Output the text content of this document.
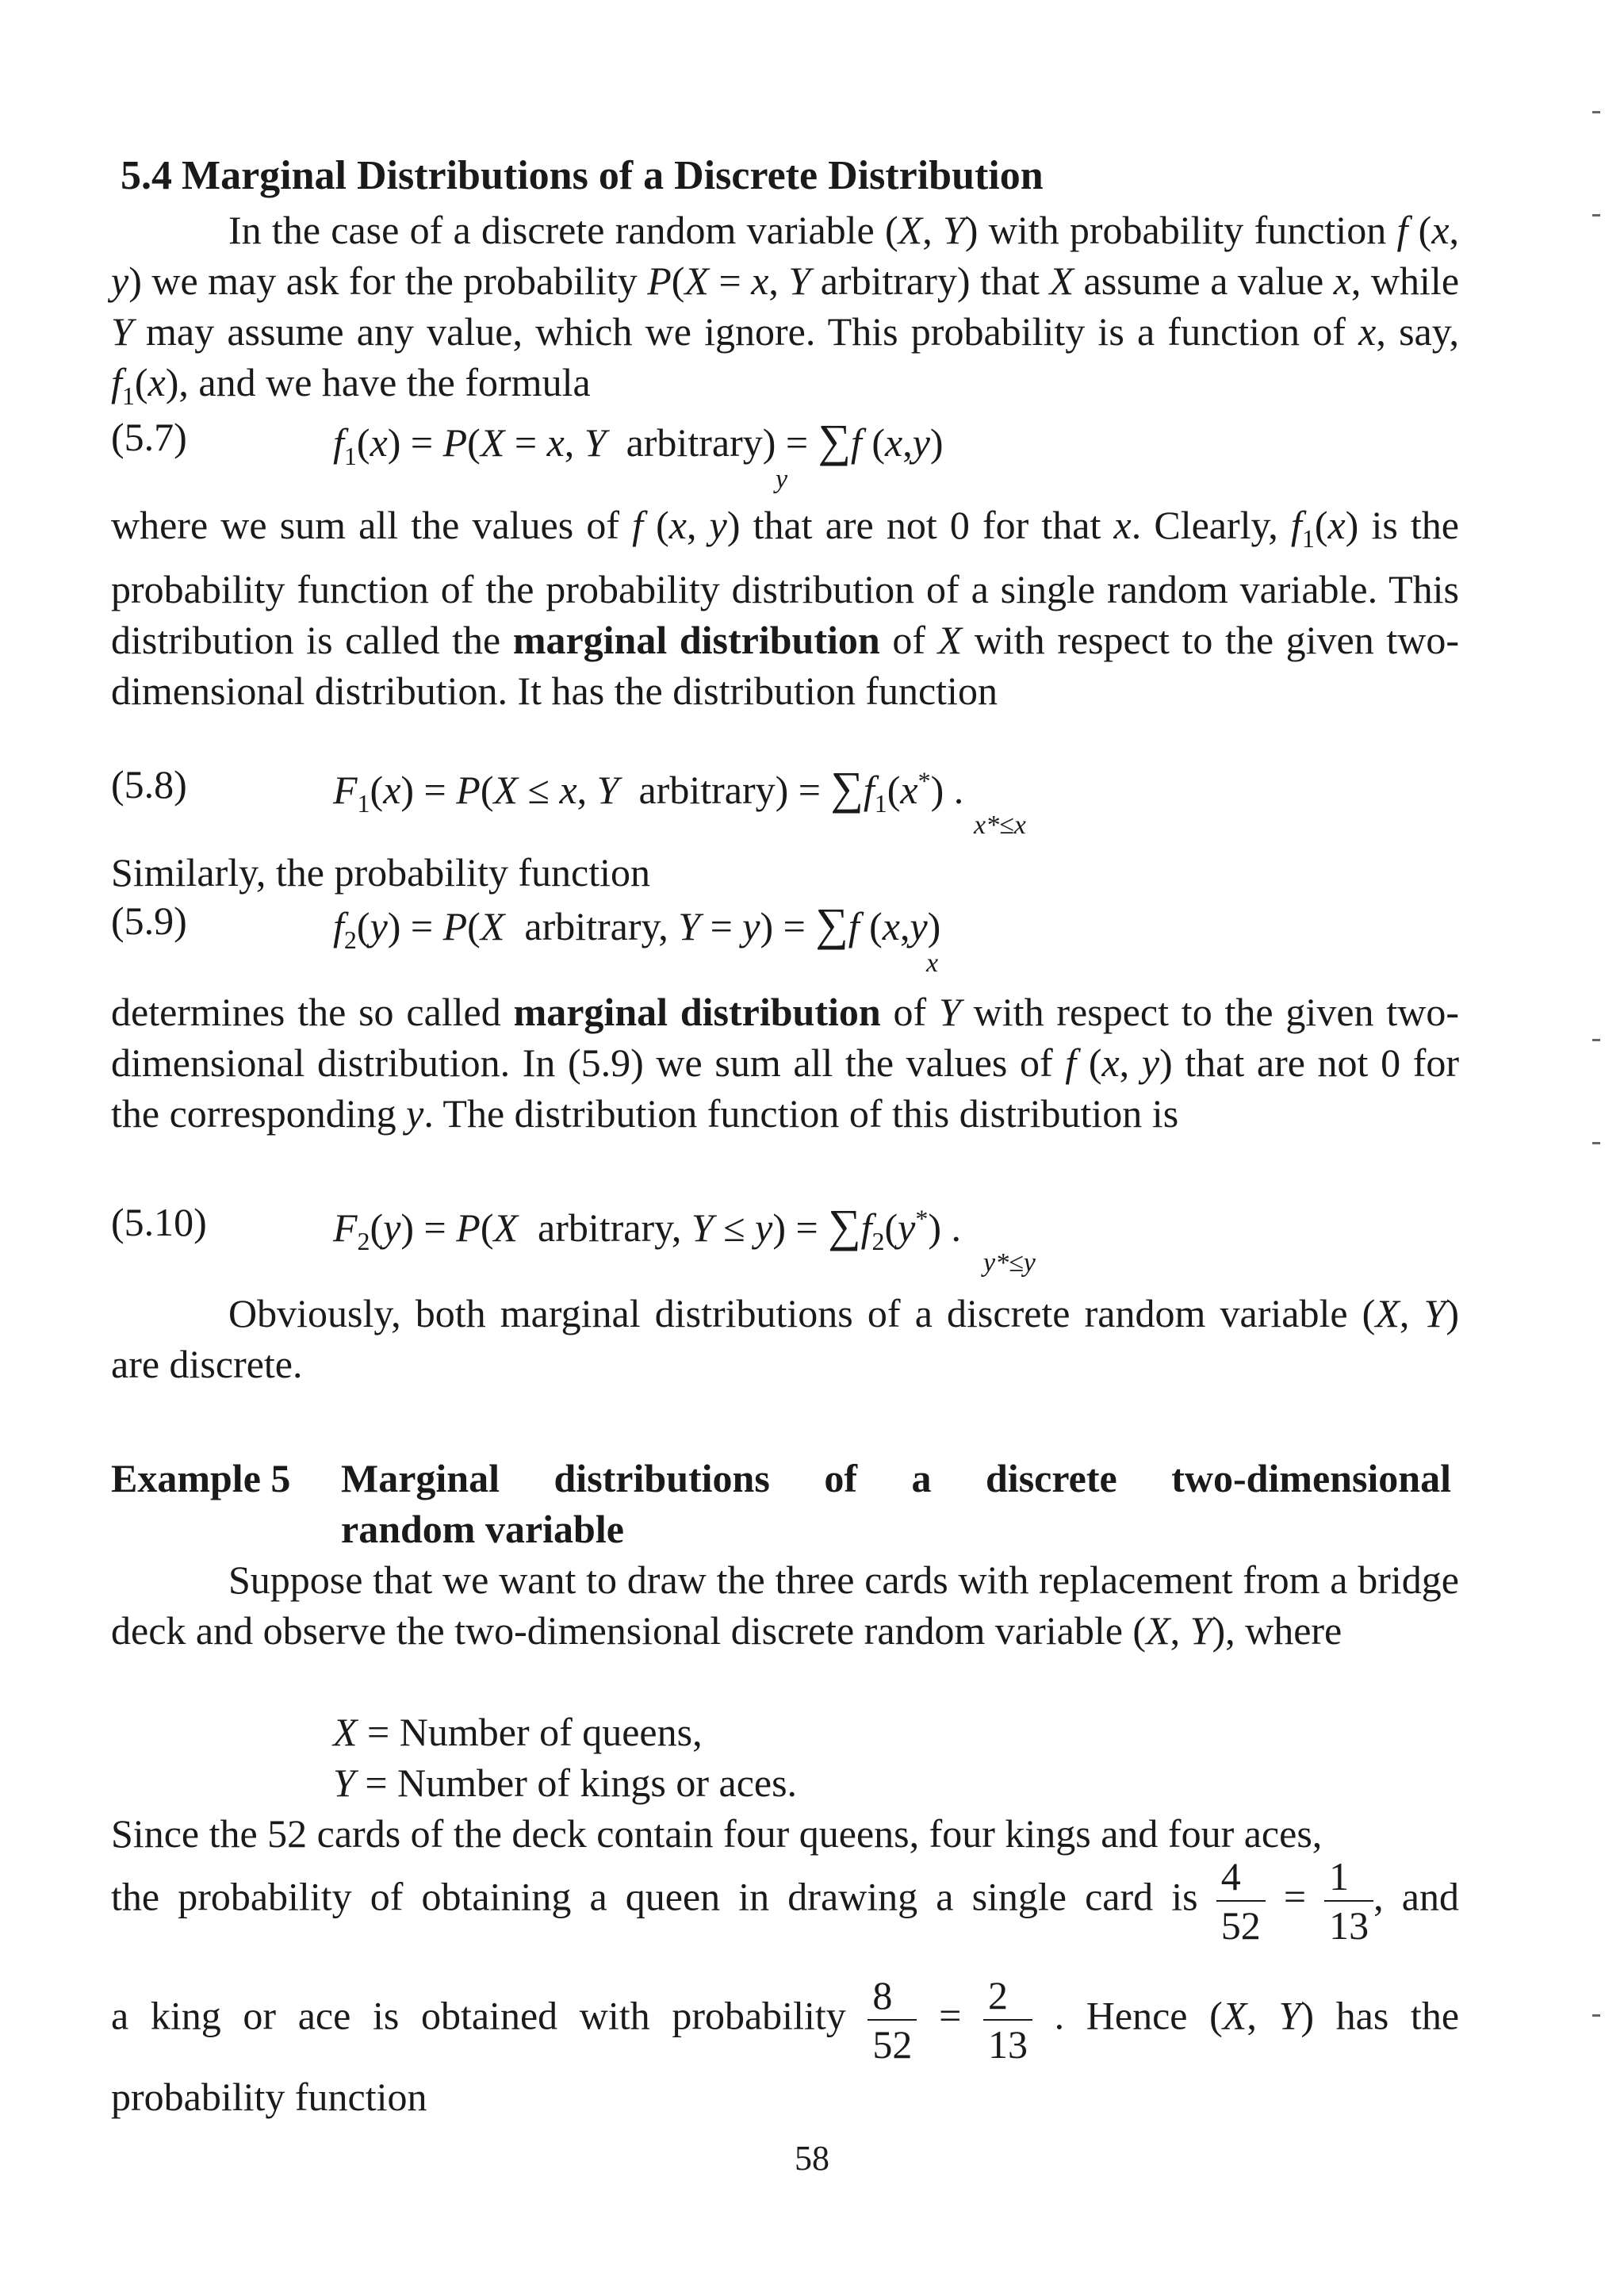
5.4 Marginal Distributions of a Discrete Distribution
In the case of a discrete random variable (X, Y) with probability function f (x, y) we may ask for the probability P(X = x, Y arbitrary) that X assume a value x, while Y may assume any value, which we ignore. This probability is a function of x, say, $f_1(x)$, and we have the formula
(5.7)	$f_1(x) = P(X = x$, Y  arbitrary) = ∑f (x,y)
y
where we sum all the values of f (x, y) that are not 0 for that x. Clearly, $f_1(x)$ is the probability function of the probability distribution of a single random variable. This distribution is called the marginal distribution of X with respect to the given two-dimensional distribution. It has the distribution function
(5.8)	$F_1(x) = P(X \le x$, Y  arbitrary) = $\sum f_1(x^*)$ .
x*≤x
Similarly, the probability function
(5.9)	$f_2(y) = P(X$  arbitrary, Y = y) = ∑f (x,y)
x
determines the so called marginal distribution of Y with respect to the given two-dimensional distribution. In (5.9) we sum all the values of f (x, y) that are not 0 for the corresponding y. The distribution function of this distribution is
(5.10)	$F_2(y) = P(X$  arbitrary, $Y \le y) = \sum f_2(y^*)$ .
y*≤y
Obviously, both marginal distributions of a discrete random variable (X, Y) are discrete.
Example 5 Marginal distributions of a discrete two-dimensional
random variable
Suppose that we want to draw the three cards with replacement from a bridge deck and observe the two-dimensional discrete random variable (X, Y), where
X = Number of queens,
Y = Number of kings or aces.
Since the 52 cards of the deck contain four queens, four kings and four aces,
the probability of obtaining a queen in drawing a single card is $\frac{4}{52} = \frac{1}{13}$ , and
a king or ace is obtained with probability $\frac{8}{52} = \frac{2}{13}$ . Hence (X, Y) has the
probability function
58
